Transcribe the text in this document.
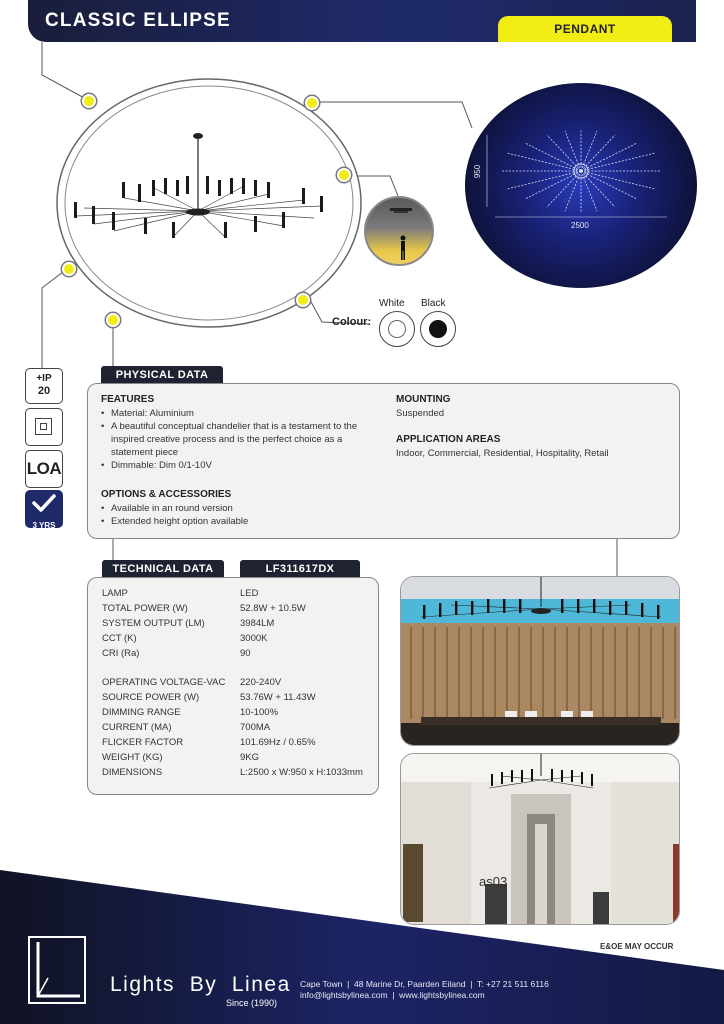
CLASSIC ELLIPSE	PENDANT
2500
950
Colour:
White Black
+IP
20
LOA
3 YRS
PHYSICAL DATA
FEATURES
• Material: Aluminium
• A beautiful conceptual chandelier that is a testament to the inspired creative process and is the perfect choice as a statement piece
• Dimmable: Dim 0/1-10V
OPTIONS & ACCESSORIES
• Available in an round version
• Extended height option available
MOUNTING
Suspended
APPLICATION AREAS
Indoor, Commercial, Residential, Hospitality, Retail
TECHNICAL DATA	LF311617DX
LAMP	LED
TOTAL POWER (W)	52.8W + 10.5W
SYSTEM OUTPUT (LM)	3984LM
CCT (K)	3000K
CRI (Ra)	90
OPERATING VOLTAGE-VAC 220-240V
SOURCE POWER (W)	53.76W + 11.43W
DIMMING RANGE	10-100%
CURRENT (MA)	700MA
FLICKER FACTOR	101.69Hz / 0.65%
WEIGHT (KG)	9KG
DIMENSIONS	L:2500 x W:950 x H:1033mm
as03
E&OE MAY OCCUR
Lights  By  Linea
Since (1990)
Cape Town  |  48 Marine Dr, Paarden Eiland  |  T: +27 21 511 6116
info@lightsbylinea.com  |  www.lightsbylinea.com
